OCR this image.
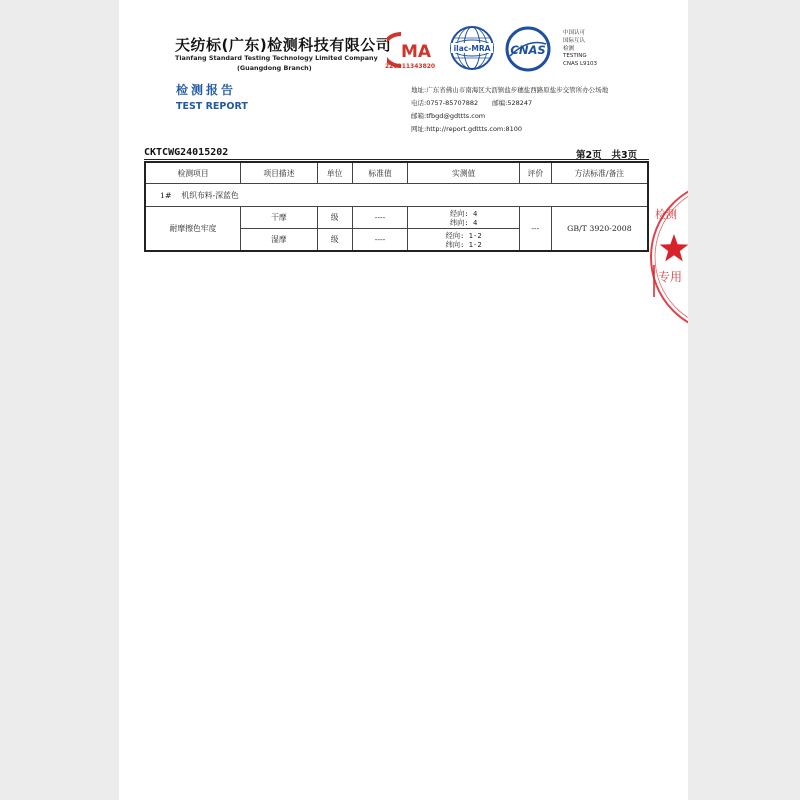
天纺标(广东)检测科技有限公司
Tianfang Standard Testing Technology Limited Company
(Guangdong Branch)
检测报告
TEST REPORT
MA
220011343820
ilac-MRA CNAS
中国认可
国际互认
检测
TESTING
CNAS L9103
地址:广东省佛山市南海区大沥镇盐步穗盐西路原盐步交管所办公场地
电话:0757-85707882 邮编:528247
邮箱:tfbgd@gdttts.com
网址:http://report.gdttts.com:8100
CKTCWG24015202	第2页   共3页
检测项目	项目描述	单位	标准值	实测值	评价	方法标准/备注
1# 机织布料-深蓝色						
耐摩擦色牢度	干摩	级	----	经向: 4
纬向: 4	---	GB/T 3920-2008
	湿摩	级	----	经向: 1-2
纬向: 1-2		
检测
专用
